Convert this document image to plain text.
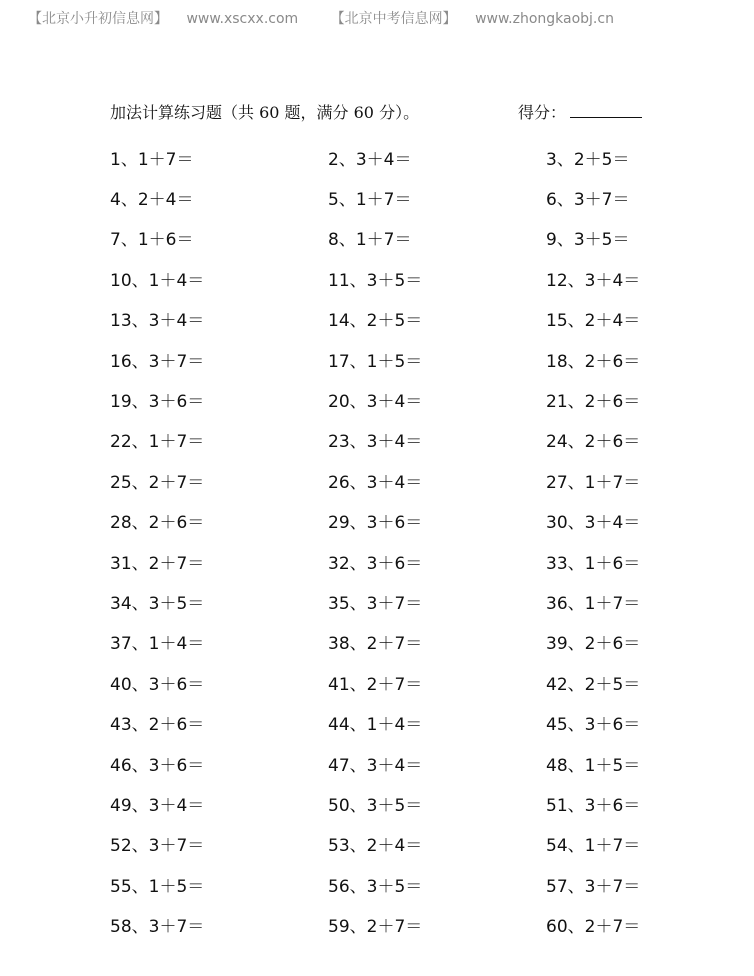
【北京小升初信息网】 www.xscxx.com 【北京中考信息网】 www.zhongkaobj.cn
加法计算练习题（共 60 题，满分 60 分）。	得分：
1、1＋7＝	2、3＋4＝	3、2＋5＝
4、2＋4＝	5、1＋7＝	6、3＋7＝
7、1＋6＝	8、1＋7＝	9、3＋5＝
10、1＋4＝	11、3＋5＝	12、3＋4＝
13、3＋4＝	14、2＋5＝	15、2＋4＝
16、3＋7＝	17、1＋5＝	18、2＋6＝
19、3＋6＝	20、3＋4＝	21、2＋6＝
22、1＋7＝	23、3＋4＝	24、2＋6＝
25、2＋7＝	26、3＋4＝	27、1＋7＝
28、2＋6＝	29、3＋6＝	30、3＋4＝
31、2＋7＝	32、3＋6＝	33、1＋6＝
34、3＋5＝	35、3＋7＝	36、1＋7＝
37、1＋4＝	38、2＋7＝	39、2＋6＝
40、3＋6＝	41、2＋7＝	42、2＋5＝
43、2＋6＝	44、1＋4＝	45、3＋6＝
46、3＋6＝	47、3＋4＝	48、1＋5＝
49、3＋4＝	50、3＋5＝	51、3＋6＝
52、3＋7＝	53、2＋4＝	54、1＋7＝
55、1＋5＝	56、3＋5＝	57、3＋7＝
58、3＋7＝	59、2＋7＝	60、2＋7＝
